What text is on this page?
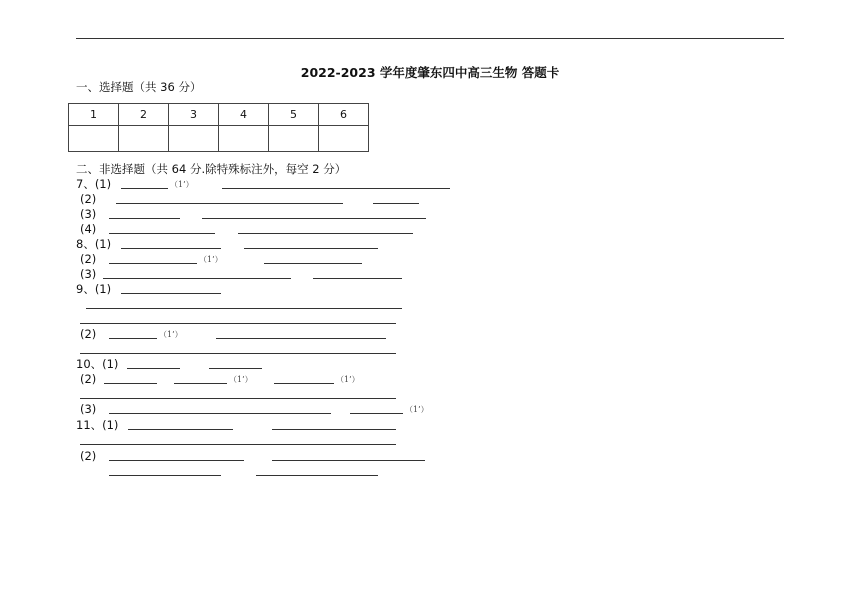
2022-2023 学年度肇东四中高三生物 答题卡
一、选择题（共 36 分）
1	2	3	4	5	6

二、非选择题（共 64 分.除特殊标注外，每空 2 分）
7、(1)	（1’）
(2)
(3)
(4)
8、(1)
(2)	（1’）
(3)
9、(1)
(2)	（1’）
10、(1)
(2)	（1’）	（1’）
(3)	（1’）
11、(1)
(2)
